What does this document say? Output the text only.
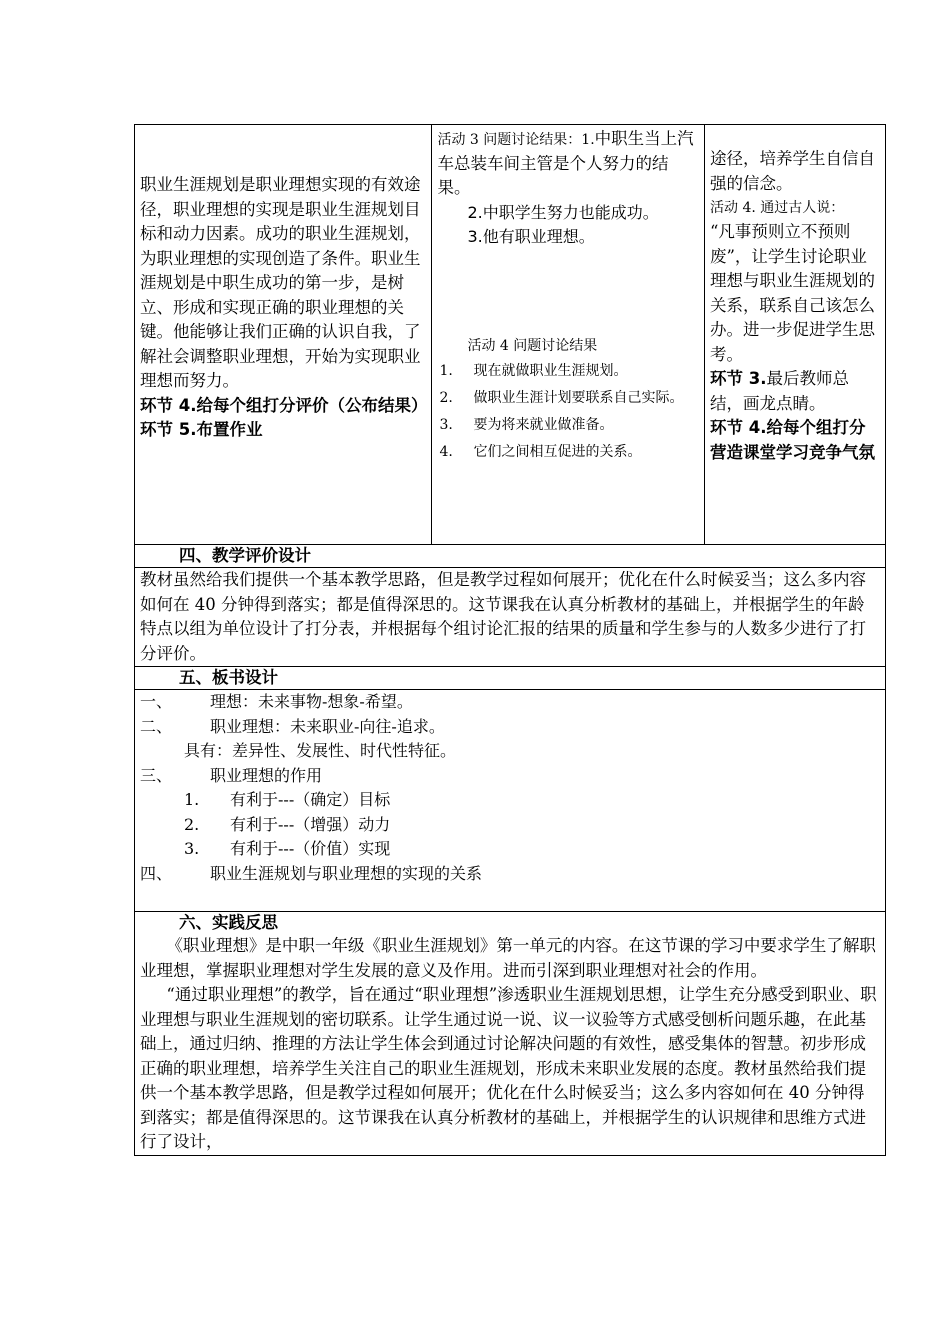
职业生涯规划是职业理想实现的有效途径，职业理想的实现是职业生涯规划目标和动力因素。成功的职业生涯规划，为职业理想的实现创造了条件。职业生涯规划是中职生成功的第一步，是树立、形成和实现正确的职业理想的关键。他能够让我们正确的认识自我，了解社会调整职业理想，开始为实现职业理想而努力。
环节 4.给每个组打分评价（公布结果）
环节 5.布置作业

活动 3 问题讨论结果：1.中职生当上汽车总装车间主管是个人努力的结果。
2.中职学生努力也能成功。
3.他有职业理想。
活动 4 问题讨论结果
1.	现在就做职业生涯规划。
2.	做职业生涯计划要联系自己实际。
3.	要为将来就业做准备。
4.	它们之间相互促进的关系。

途径，培养学生自信自强的信念。
活动 4. 通过古人说：
“凡事预则立不预则废”，让学生讨论职业理想与职业生涯规划的关系，联系自己该怎么办。进一步促进学生思考。
环节 3.最后教师总结，画龙点睛。
环节 4.给每个组打分营造课堂学习竞争气氛

四、教学评价设计
教材虽然给我们提供一个基本教学思路，但是教学过程如何展开；优化在什么时候妥当；这么多内容如何在 40 分钟得到落实；都是值得深思的。这节课我在认真分析教材的基础上，并根据学生的年龄特点以组为单位设计了打分表，并根据每个组讨论汇报的结果的质量和学生参与的人数多少进行了打分评价。
五、板书设计

一、	理想：未来事物-想象-希望。
二、	职业理想：未来职业-向往-追求。
具有：差异性、发展性、时代性特征。
三、	职业理想的作用
1.	有利于---（确定）目标
2.	有利于---（增强）动力
3.	有利于---（价值）实现
四、	职业生涯规划与职业理想的实现的关系

六、实践反思
《职业理想》是中职一年级《职业生涯规划》第一单元的内容。在这节课的学习中要求学生了解职业理想，掌握职业理想对学生发展的意义及作用。进而引深到职业理想对社会的作用。
“通过职业理想”的教学，旨在通过“职业理想”渗透职业生涯规划思想，让学生充分感受到职业、职业理想与职业生涯规划的密切联系。让学生通过说一说、议一议验等方式感受刨析问题乐趣，在此基础上，通过归纳、推理的方法让学生体会到通过讨论解决问题的有效性，感受集体的智慧。初步形成正确的职业理想，培养学生关注自己的职业生涯规划，形成未来职业发展的态度。教材虽然给我们提供一个基本教学思路，但是教学过程如何展开；优化在什么时候妥当；这么多内容如何在 40 分钟得到落实；都是值得深思的。这节课我在认真分析教材的基础上，并根据学生的认识规律和思维方式进行了设计，
